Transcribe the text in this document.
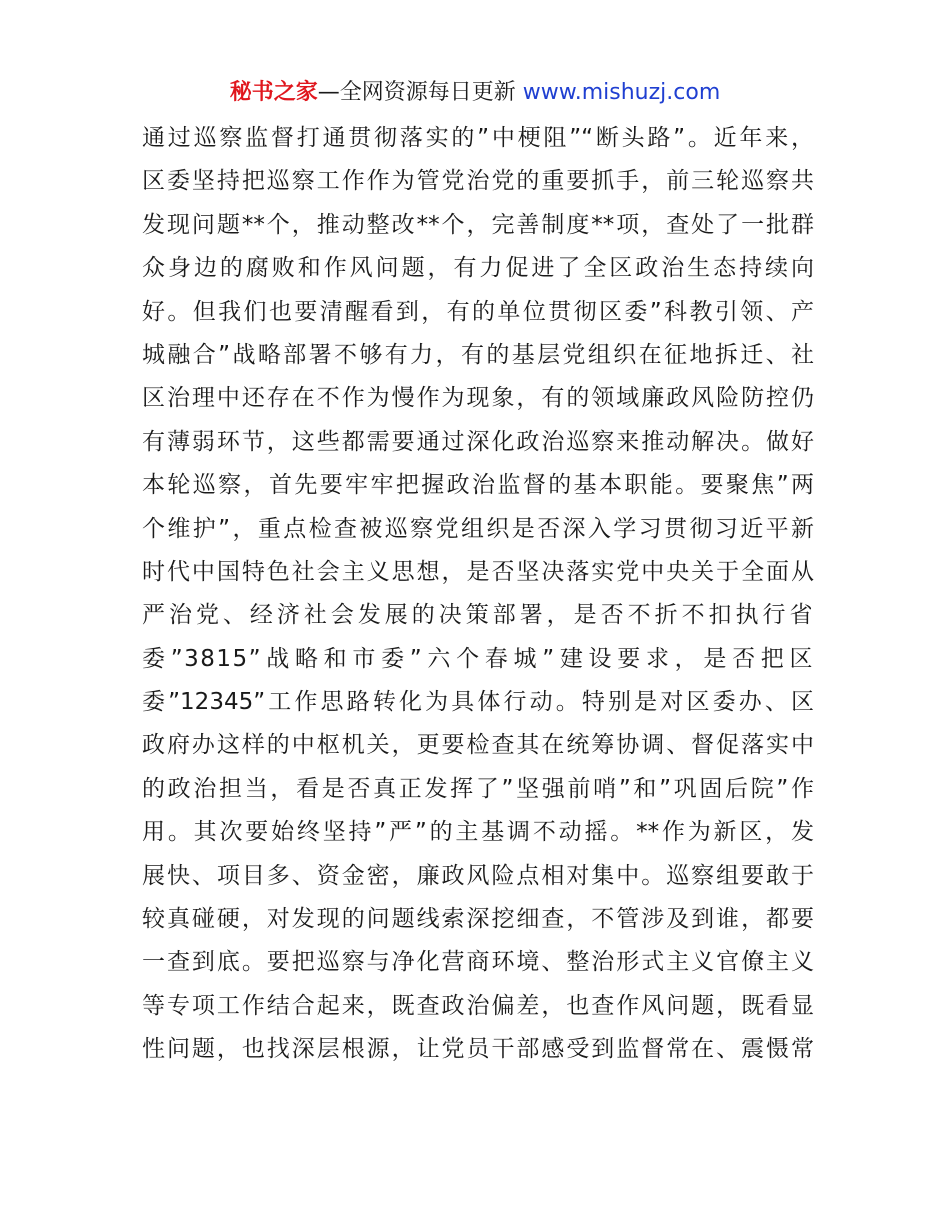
秘书之家—全网资源每日更新 www.mishuzj.com
通过巡察监督打通贯彻落实的”中梗阻”“断头路”。近年来，
区委坚持把巡察工作作为管党治党的重要抓手，前三轮巡察共
发现问题**个，推动整改**个，完善制度**项，查处了一批群
众身边的腐败和作风问题，有力促进了全区政治生态持续向
好。但我们也要清醒看到，有的单位贯彻区委”科教引领、产
城融合”战略部署不够有力，有的基层党组织在征地拆迁、社
区治理中还存在不作为慢作为现象，有的领域廉政风险防控仍
有薄弱环节，这些都需要通过深化政治巡察来推动解决。做好
本轮巡察，首先要牢牢把握政治监督的基本职能。要聚焦”两
个维护”，重点检查被巡察党组织是否深入学习贯彻习近平新
时代中国特色社会主义思想，是否坚决落实党中央关于全面从
严治党、经济社会发展的决策部署，是否不折不扣执行省
委”3815”战略和市委”六个春城”建设要求，是否把区
委”12345”工作思路转化为具体行动。特别是对区委办、区
政府办这样的中枢机关，更要检查其在统筹协调、督促落实中
的政治担当，看是否真正发挥了”坚强前哨”和”巩固后院”作
用。其次要始终坚持”严”的主基调不动摇。**作为新区，发
展快、项目多、资金密，廉政风险点相对集中。巡察组要敢于
较真碰硬，对发现的问题线索深挖细查，不管涉及到谁，都要
一查到底。要把巡察与净化营商环境、整治形式主义官僚主义
等专项工作结合起来，既查政治偏差，也查作风问题，既看显
性问题，也找深层根源，让党员干部感受到监督常在、震慑常
